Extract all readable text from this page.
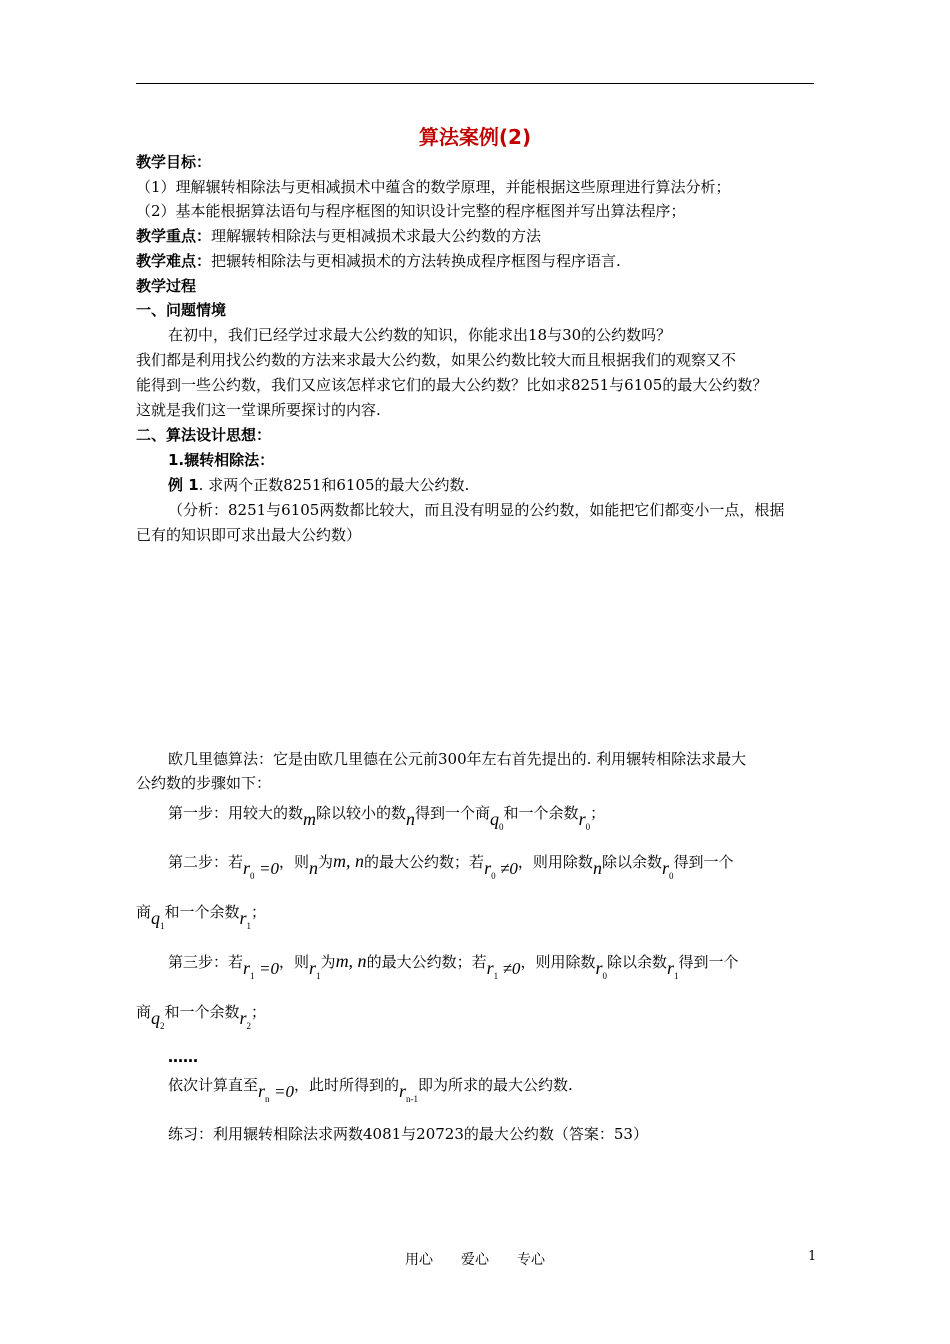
算法案例(2)
教学目标：
（1）理解辗转相除法与更相减损术中蕴含的数学原理，并能根据这些原理进行算法分析；
（2）基本能根据算法语句与程序框图的知识设计完整的程序框图并写出算法程序；
教学重点：理解辗转相除法与更相减损术求最大公约数的方法
教学难点：把辗转相除法与更相减损术的方法转换成程序框图与程序语言.
教学过程
一、问题情境
在初中，我们已经学过求最大公约数的知识，你能求出18与30的公约数吗？
我们都是利用找公约数的方法来求最大公约数，如果公约数比较大而且根据我们的观察又不
能得到一些公约数，我们又应该怎样求它们的最大公约数？比如求8251与6105的最大公约数？
这就是我们这一堂课所要探讨的内容.
二、算法设计思想：
1.辗转相除法：
例 1. 求两个正数8251和6105的最大公约数.
（分析：8251与6105两数都比较大，而且没有明显的公约数，如能把它们都变小一点，根据
已有的知识即可求出最大公约数）
欧几里德算法：它是由欧几里德在公元前300年左右首先提出的. 利用辗转相除法求最大
公约数的步骤如下：
第一步：用较大的数m除以较小的数n得到一个商$q_0$和一个余数$r_0$；
第二步：若$r_0 =0$，则n为m, n的最大公约数；若$r_0 \ne 0$，则用除数n除以余数$r_0$得到一个
商$q_1$和一个余数$r_1$；
第三步：若$r_1 =0$，则$r_1$为m, n的最大公约数；若$r_1 \ne 0$，则用除数$r_0$除以余数$r_1$得到一个
商$q_2$和一个余数$r_2$；
……
依次计算直至$r_n =0$，此时所得到的$r_{n-1}$即为所求的最大公约数.
练习：利用辗转相除法求两数4081与20723的最大公约数（答案：53）
用心 爱心 专心	1
